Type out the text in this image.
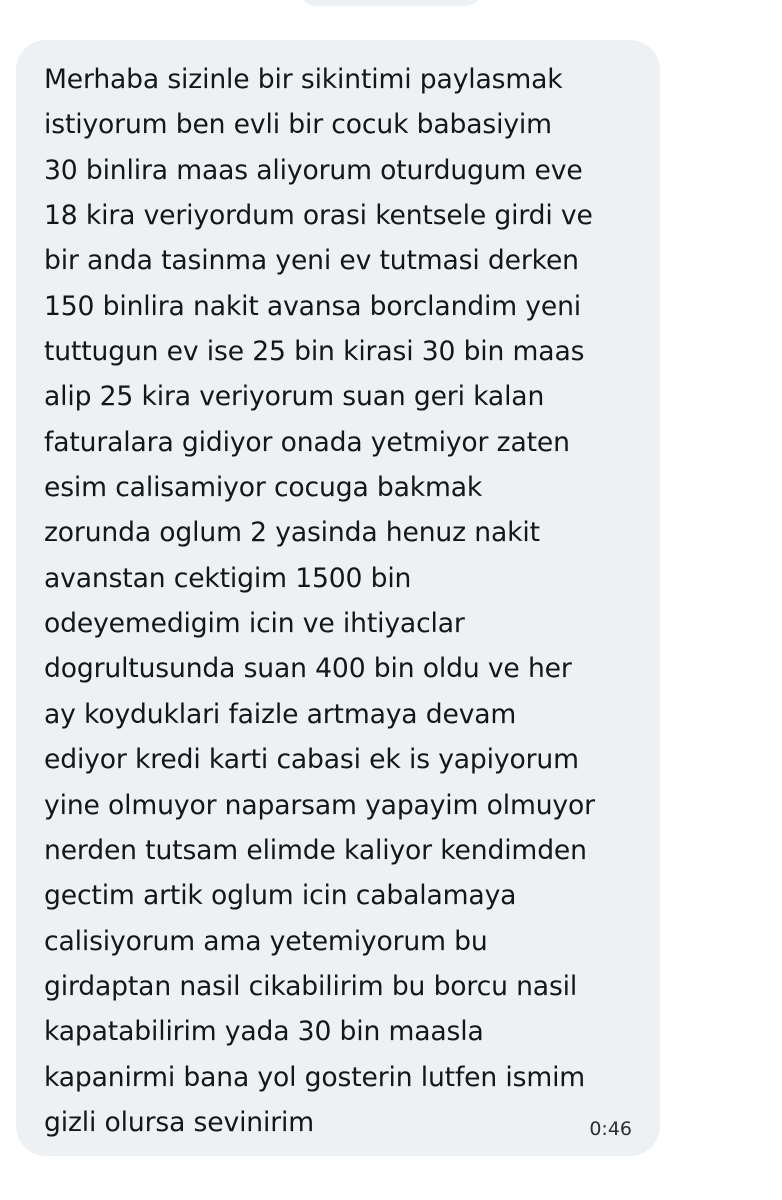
Merhaba sizinle bir sikintimi paylasmak
istiyorum ben evli bir cocuk babasiyim
30 binlira maas aliyorum oturdugum eve
18 kira veriyordum orasi kentsele girdi ve
bir anda tasinma yeni ev tutmasi derken
150 binlira nakit avansa borclandim yeni
tuttugun ev ise 25 bin kirasi 30 bin maas
alip 25 kira veriyorum suan geri kalan
faturalara gidiyor onada yetmiyor zaten
esim calisamiyor cocuga bakmak
zorunda oglum 2 yasinda henuz nakit
avanstan cektigim 1500 bin
odeyemedigim icin ve ihtiyaclar
dogrultusunda suan 400 bin oldu ve her
ay koyduklari faizle artmaya devam
ediyor kredi karti cabasi ek is yapiyorum
yine olmuyor naparsam yapayim olmuyor
nerden tutsam elimde kaliyor kendimden
gectim artik oglum icin cabalamaya
calisiyorum ama yetemiyorum bu
girdaptan nasil cikabilirim bu borcu nasil
kapatabilirim yada 30 bin maasla
kapanirmi bana yol gosterin lutfen ismim
gizli olursa sevinirim	0:46
